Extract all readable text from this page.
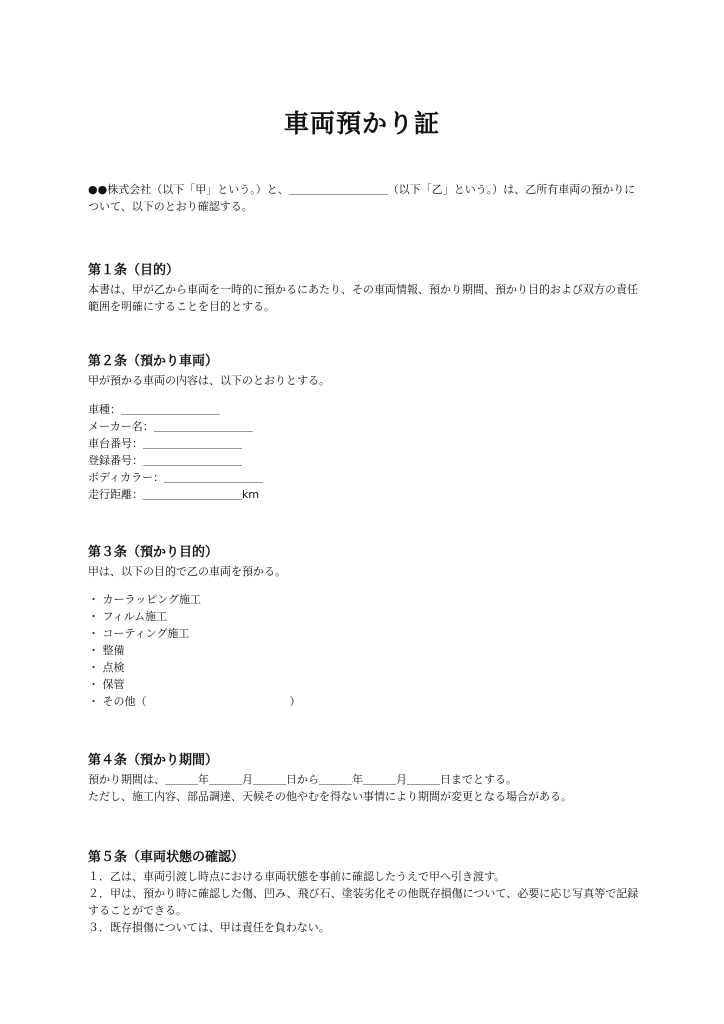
車両預かり証
●●株式会社（以下「甲」という。）と、＿＿＿＿＿＿＿＿＿（以下「乙」という。）は、乙所有車両の預かりについて、以下のとおり確認する。
第１条（目的）
本書は、甲が乙から車両を一時的に預かるにあたり、その車両情報、預かり期間、預かり目的および双方の責任範囲を明確にすることを目的とする。
第２条（預かり車両）
甲が預かる車両の内容は、以下のとおりとする。
車種：＿＿＿＿＿＿＿＿＿
メーカー名：＿＿＿＿＿＿＿＿＿
車台番号：＿＿＿＿＿＿＿＿＿
登録番号：＿＿＿＿＿＿＿＿＿
ボディカラー：＿＿＿＿＿＿＿＿＿
走行距離：＿＿＿＿＿＿＿＿＿km
第３条（預かり目的）
甲は、以下の目的で乙の車両を預かる。
・ カーラッピング施工
・ フィルム施工
・ コーティング施工
・ 整備
・ 点検
・ 保管
・ その他（　　　　　　　　　　　　　）
第４条（預かり期間）
預かり期間は、＿＿＿年＿＿＿月＿＿＿日から＿＿＿年＿＿＿月＿＿＿日までとする。
ただし、施工内容、部品調達、天候その他やむを得ない事情により期間が変更となる場合がある。
第５条（車両状態の確認）
１．乙は、車両引渡し時点における車両状態を事前に確認したうえで甲へ引き渡す。
２．甲は、預かり時に確認した傷、凹み、飛び石、塗装劣化その他既存損傷について、必要に応じ写真等で記録することができる。
３．既存損傷については、甲は責任を負わない。
